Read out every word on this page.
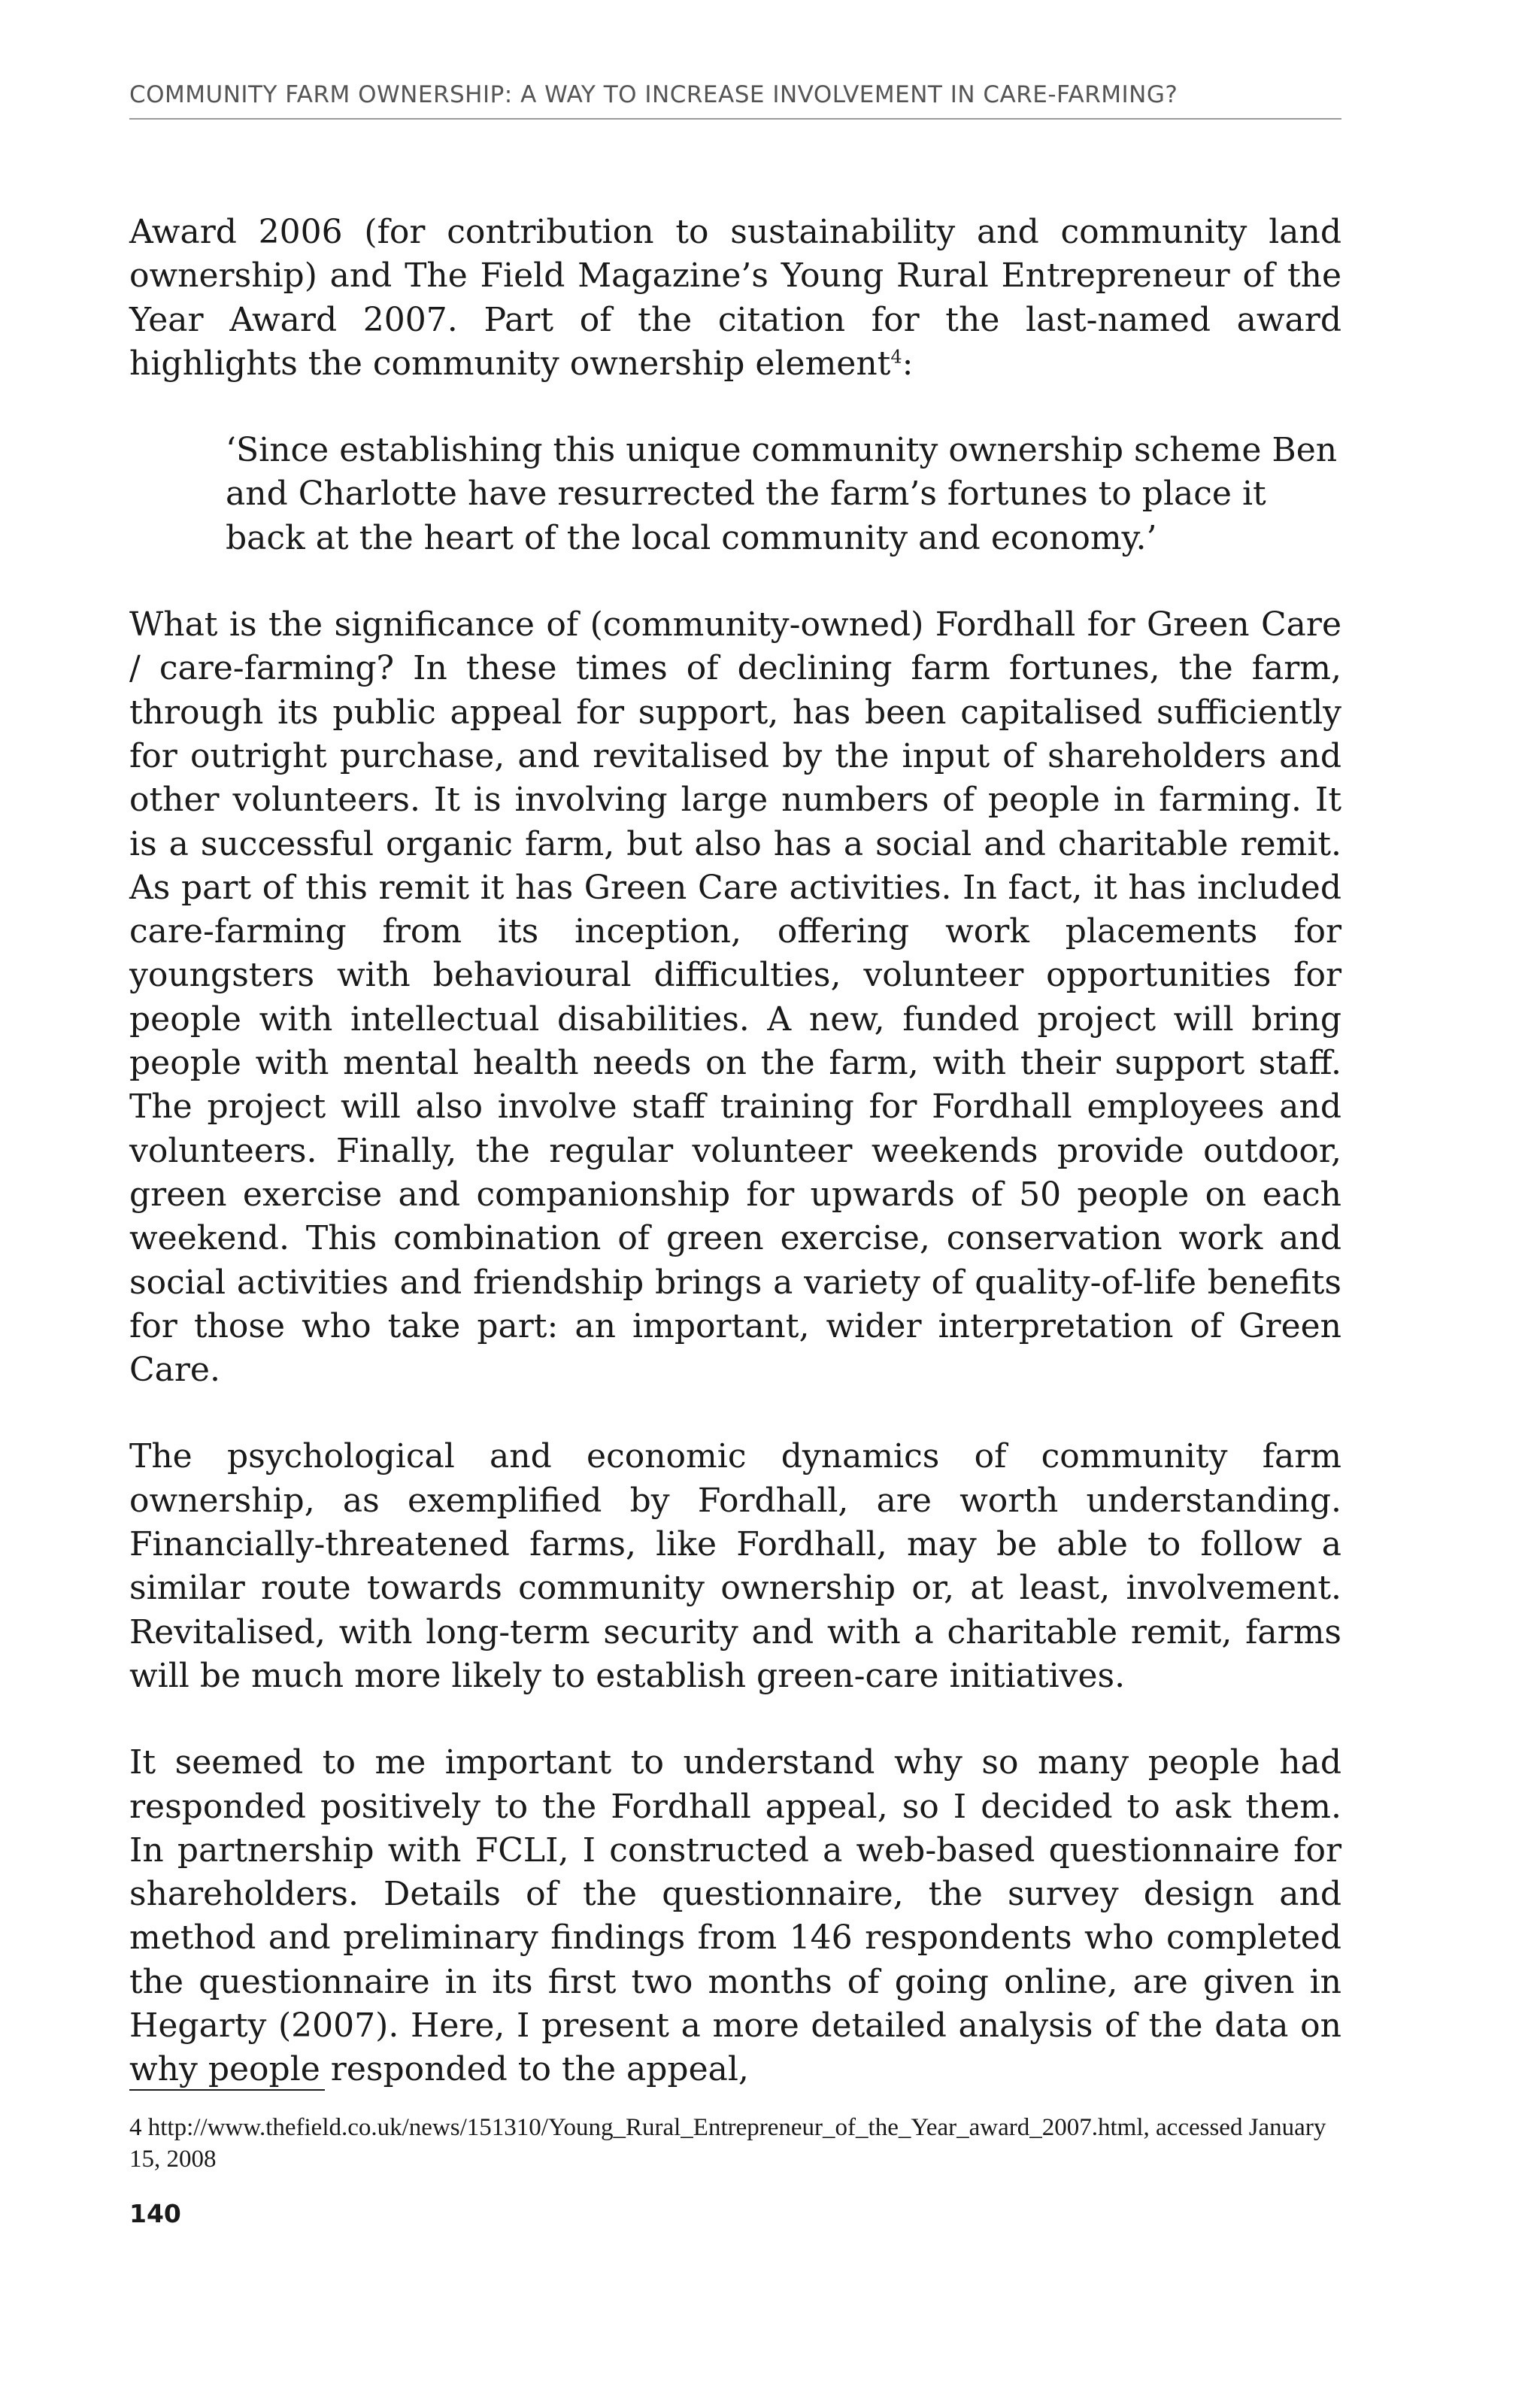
COMMUNITY FARM OWNERSHIP: A WAY TO INCREASE INVOLVEMENT IN CARE-FARMING?

Award 2006 (for contribution to sustainability and community land ownership) and The Field Magazine’s Young Rural Entrepreneur of the Year Award 2007. Part of the citation for the last-named award highlights the community ownership element$^4$:

‘Since establishing this unique community ownership scheme Ben and Charlotte have resurrected the farm’s fortunes to place it back at the heart of the local community and economy.’

What is the significance of (community-owned) Fordhall for Green Care / care-farming? In these times of declining farm fortunes, the farm, through its public appeal for support, has been capitalised sufficiently for outright purchase, and revitalised by the input of shareholders and other volunteers. It is involving large numbers of people in farming. It is a successful organic farm, but also has a social and charitable remit. As part of this remit it has Green Care activities. In fact, it has included care-farming from its inception, offering work placements for youngsters with behavioural difficulties, volunteer opportunities for people with intellectual disabilities. A new, funded project will bring people with mental health needs on the farm, with their support staff. The project will also involve staff training for Fordhall employees and volunteers. Finally, the regular volunteer weekends provide outdoor, green exercise and companionship for upwards of 50 people on each weekend. This combination of green exercise, conservation work and social activities and friendship brings a variety of quality-of-life benefits for those who take part: an important, wider interpretation of Green Care.

The psychological and economic dynamics of community farm ownership, as exemplified by Fordhall, are worth understanding. Financially-threatened farms, like Fordhall, may be able to follow a similar route towards community ownership or, at least, involvement. Revitalised, with long-term security and with a charitable remit, farms will be much more likely to establish green-care initiatives.

It seemed to me important to understand why so many people had responded positively to the Fordhall appeal, so I decided to ask them. In partnership with FCLI, I constructed a web-based questionnaire for shareholders. Details of the questionnaire, the survey design and method and preliminary findings from 146 respondents who completed the questionnaire in its first two months of going online, are given in Hegarty (2007). Here, I present a more detailed analysis of the data on why people responded to the appeal,

4 http://www.thefield.co.uk/news/151310/Young_Rural_Entrepreneur_of_the_Year_award_2007.html, accessed January 15, 2008
140
